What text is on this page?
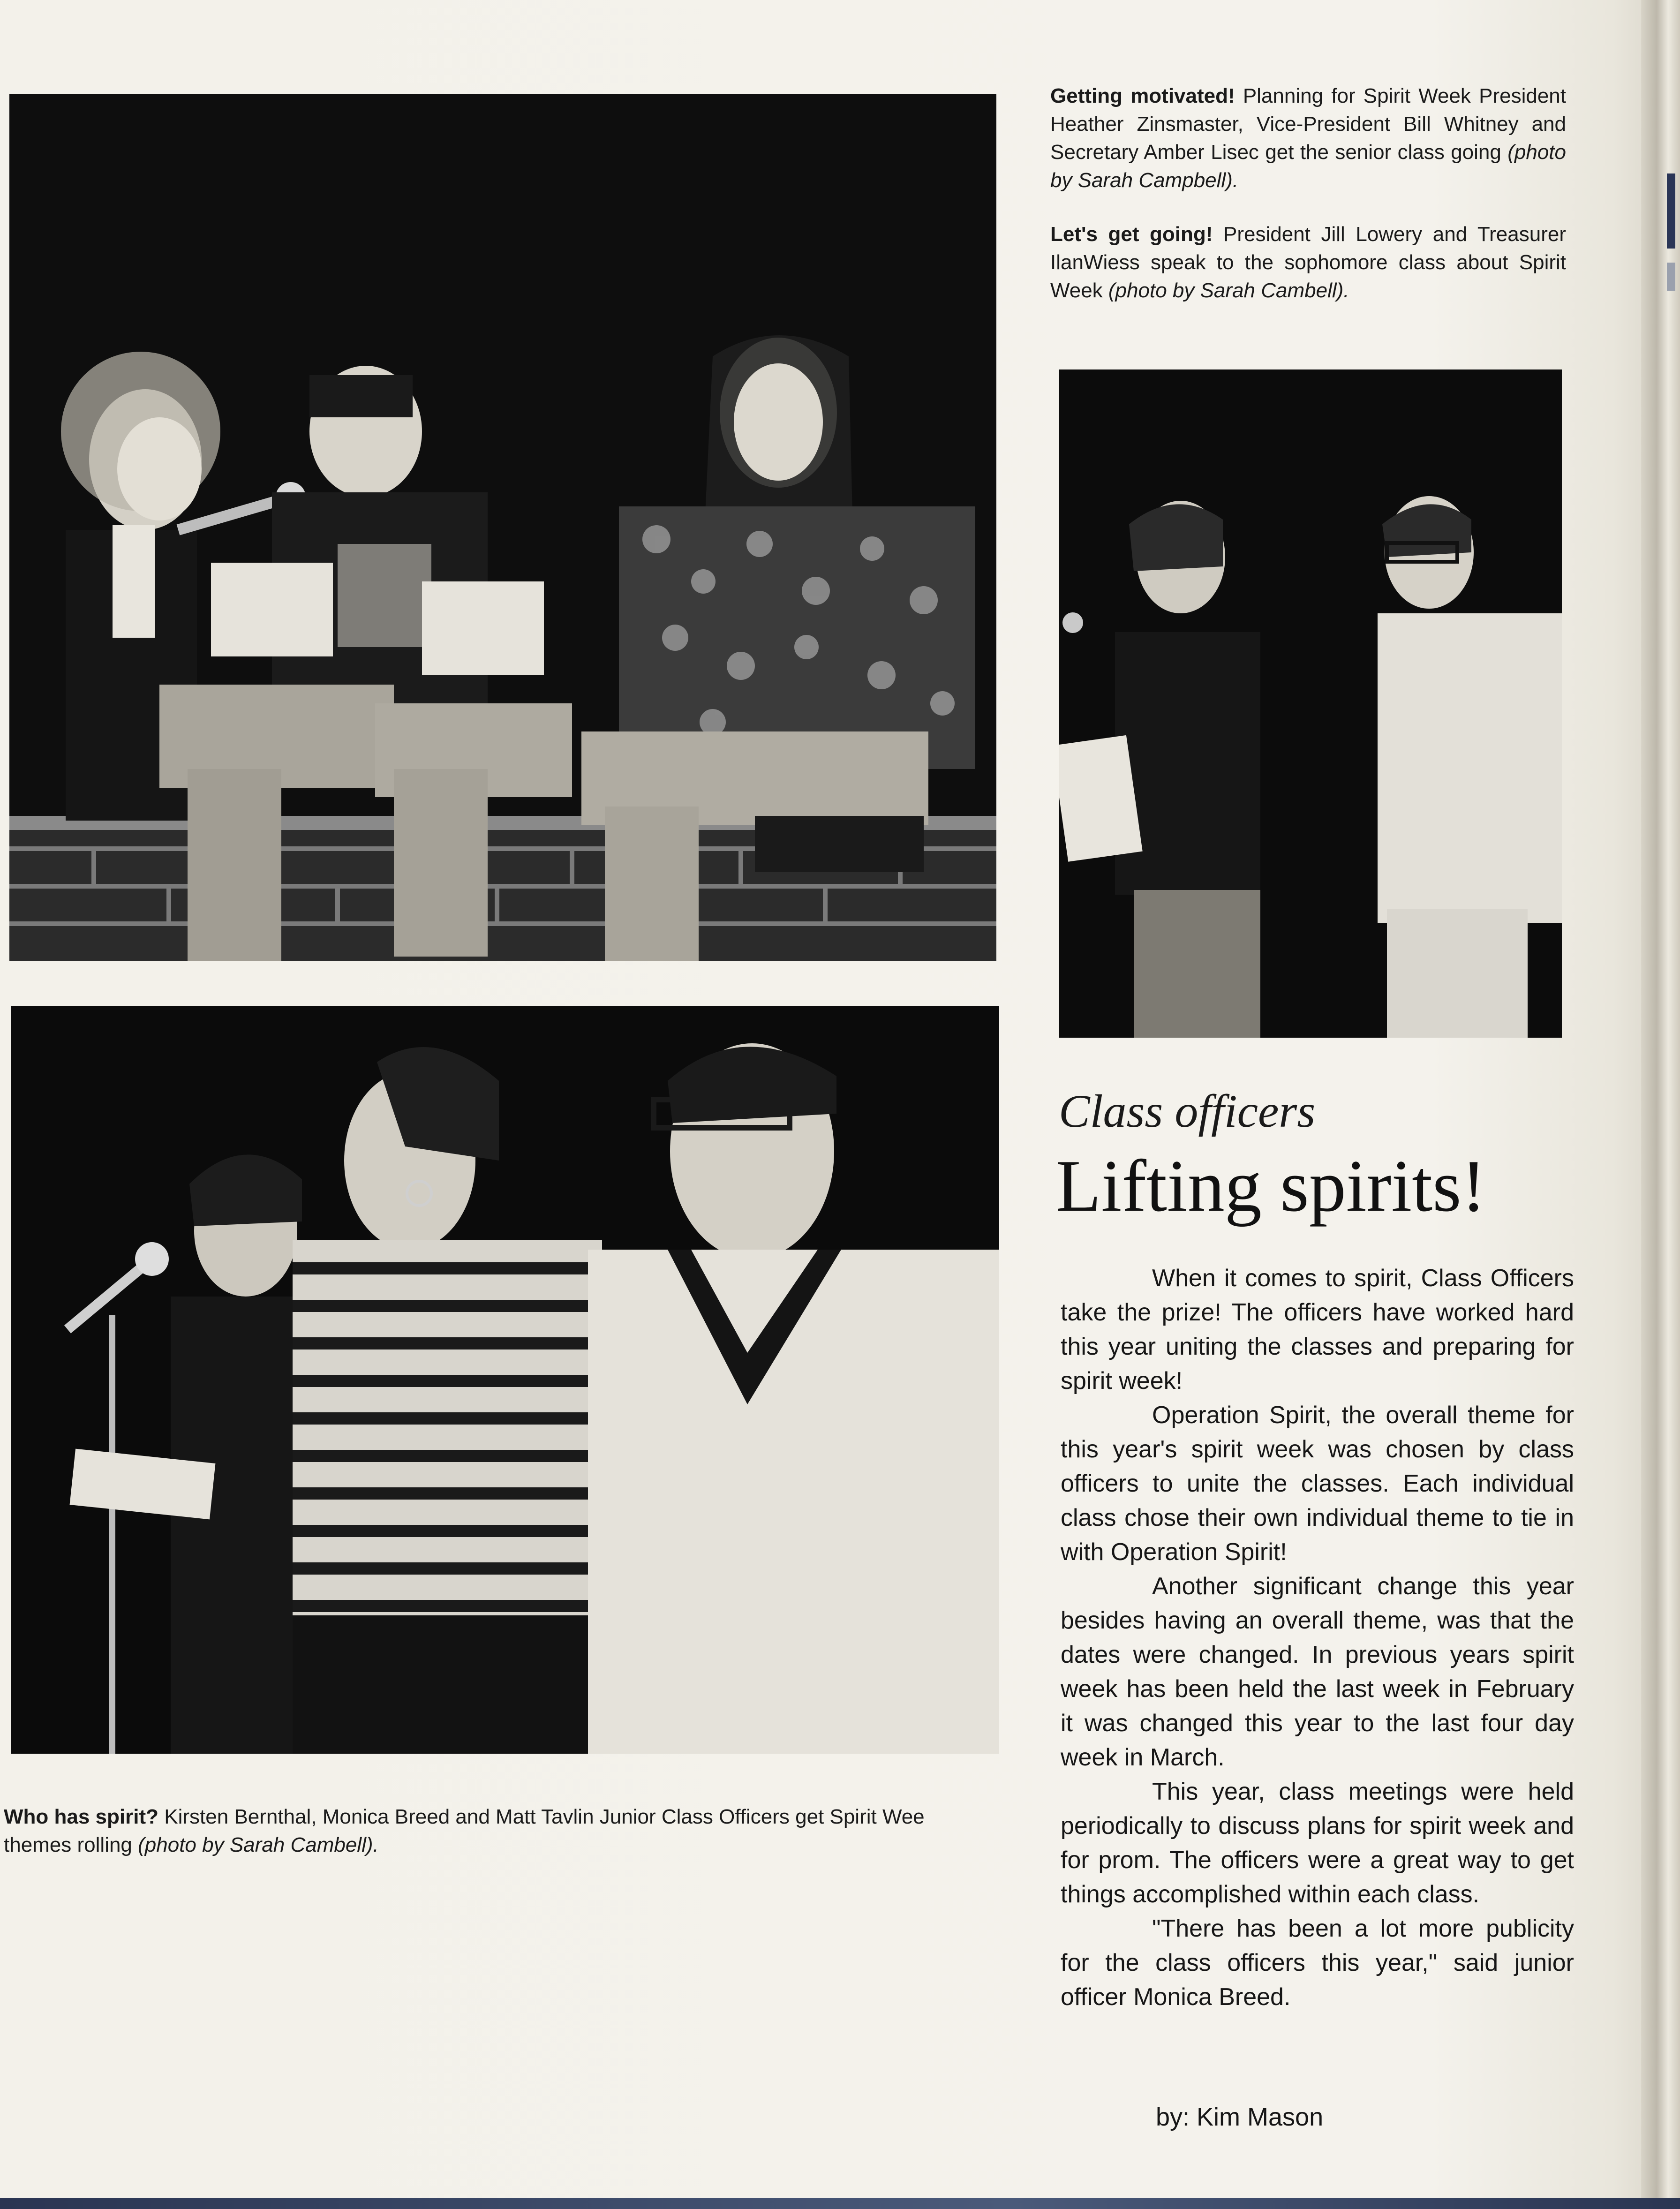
Getting motivated! Planning for Spirit Week President Heather Zinsmaster, Vice-President Bill Whitney and Secretary Amber Lisec get the senior class going (photo by Sarah Campbell).

Let's get going! President Jill Lowery and Treasurer IlanWiess speak to the sophomore class about Spirit Week (photo by Sarah Cambell).

Who has spirit? Kirsten Bernthal, Monica Breed and Matt Tavlin Junior Class Officers get Spirit Wee
themes rolling (photo by Sarah Cambell).

Class officers
Lifting spirits!

When it comes to spirit, Class Officers take the prize! The officers have worked hard this year uniting the classes and preparing for spirit week!

Operation Spirit, the overall theme for this year's spirit week was chosen by class officers to unite the classes. Each individual class chose their own individual theme to tie in with Operation Spirit!

Another significant change this year besides having an overall theme, was that the dates were changed. In previous years spirit week has been held the last week in February it was changed this year to the last four day week in March.

This year, class meetings were held periodically to discuss plans for spirit week and for prom. The officers were a great way to get things accomplished within each class.

"There has been a lot more publicity for the class officers this year," said junior officer Monica Breed.

by: Kim Mason
